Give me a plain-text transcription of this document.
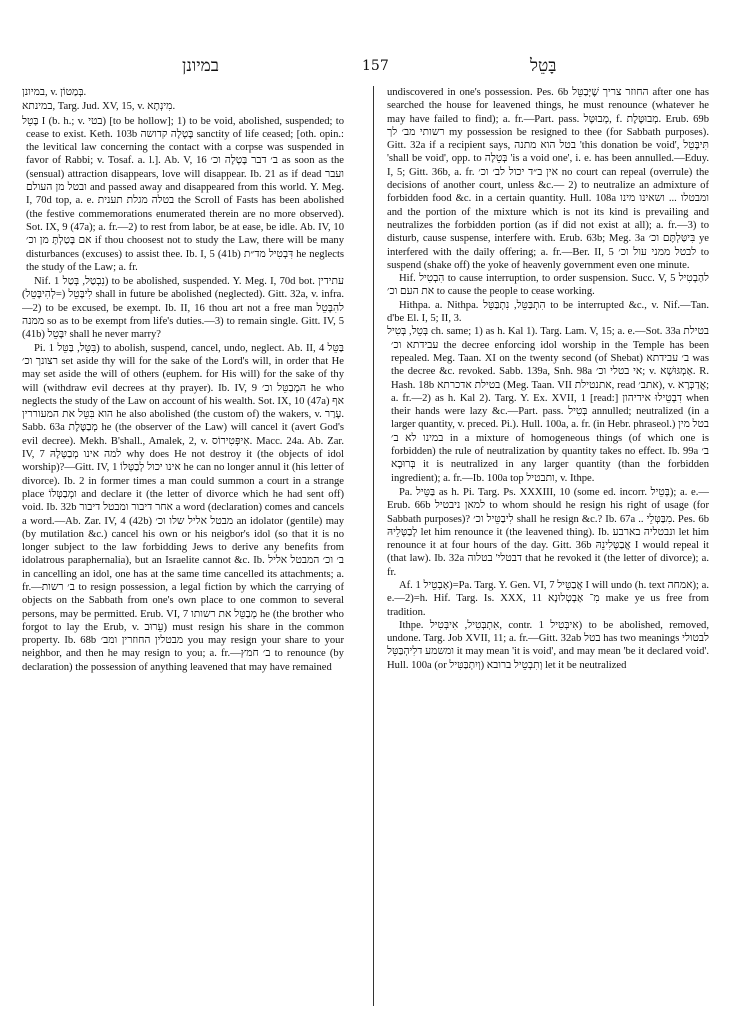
במיונן	157	בָּטֵל

במיונן, v. בְּמַטוֹן.

במינתא, Targ. Jud. XV, 15, v. מִינְתָא.

בָּטֵל I (b. h.; v. בטי) [to be hollow]; 1) to be void, abolished, suspended; to cease to exist. Keth. 103b בָּטְלָה קדושה sanctity of life ceased; [oth. opin.: the levitical law concerning the contact with a corpse was suspended in favor of Rabbi; v. Tosaf. a. l.]. Ab. V, 16 ב׳ דבר בָּטְלָה וכ׳ as soon as the (sensual) attraction disappears, love will disappear. Ib. 21 as if dead ועבר ובטל מן העולם and passed away and disappeared from this world. Y. Meg. I, 70d top, a. e. בטלה מגלת תענית the Scroll of Fasts has been abolished (the festive commemorations enumerated therein are no more observed). Sot. IX, 9 (47a); a. fr.—2) to rest from labor, be at ease, be idle. Ab. IV, 10 אם בָּטַלְתָּ מן וכ׳ if thou choosest not to study the Law, there will be many disturbances (excuses) to assist thee. Ib. I, 5 (41b) דִּבְטִיל מד״ת he neglects the study of the Law; a. fr.

Nif. נִבְטַל, בְּטַל 1) to be abolished, suspended. Y. Meg. I, 70d bot. עתידין לִיבָּטֵל (=לְהִיבָּטֵל) shall in future be abolished (neglected). Gitt. 32a, v. infra.—2) to be excused, be exempt. Ib. II, 16 thou art not a free man להִבָּטֵל ממנה so as to be exempt from life's duties.—3) to remain single. Gitt. IV, 5 (41b) יִבָּטֵל shall he never marry?

Pi. בִּטֵּל, בַּטֵּל 1) to abolish, suspend, cancel, undo, neglect. Ab. II, 4 בַּטֵּל רצונך וכ׳ set aside thy will for the sake of the Lord's will, in order that He may set aside the will of others (euphem. for His will) for the sake of thy will (withdraw evil decrees at thy prayer). Ib. IV, 9 המְבַטֵּל וכ׳ he who neglects the study of the Law on account of his wealth. Sot. IX, 10 (47a) אף הוא בִּטֵּל את המעוררין he also abolished (the custom of) the wakers, v. עָרַר. Sabb. 63a מְבַטֶּלֶת he (the observer of the Law) will cancel it (avert God's evil decree). Mekh. B'shall., Amalek, 2, v. אִיפְּטִירוֹס. Macc. 24a. Ab. Zar. IV, 7 למה אינו מְבַטְּלָהּ why does He not destroy it (the objects of idol worship)?—Gitt. IV, 1 אינו יכול לְבַטְּלוֹ he can no longer annul it (his letter of divorce). Ib. 2 in former times a man could summon a court in a strange place ומְבַטְּלוֹ and declare it (the letter of divorce which he had sent off) void. Ib. 32b אחר דיבור ומבטל דיבור a word (declaration) comes and cancels a word.—Ab. Zar. IV, 4 (42b) מבטל אליל שלו וכ׳ an idolator (gentile) may (by mutilation &c.) cancel his own or his neigbor's idol (so that it is no longer subject to the law forbidding Jews to derive any benefits from idolatrous paraphernalia), but an Israelite cannot &c. Ib. ב׳ וכ׳ המבטל אליל in cancelling an idol, one has at the same time cancelled its attachments; a. fr.—ב׳ רשות to resign possession, a legal fiction by which the carrying of objects on the Sabbath from one's own place to one common to several persons, may be permitted. Erub. VI, 7 מְבַטֵּל את רשותו he (the brother who forgot to lay the Erub, v. עֵרוּב) must resign his share in the common property. Ib. 68b מבטלין החוזרין ומב׳ you may resign your share to your neighbor, and then he may resign to you; a. fr.—ב׳ חמץ to renounce (by declaration) the possession of anything leavened that may have remained

undiscovered in one's possession. Pes. 6b החוזר צריך שֶׁיְּבַטֵּל after one has searched the house for leavened things, he must renounce (whatever he may have failed to find); a. fr.—Part. pass. מְבוּטָּל, f. מְבוּטֶּלֶת. Erub. 69b רשותי מב׳ לך my possession be resigned to thee (for Sabbath purposes). Gitt. 32a if a recipient says, בטל הוא מתנה 'this donation be void', תִּיבָּטֵל 'shall be void', opp. to בְּטֵלָה 'is a void one', i. e. has been annulled.—Eduy. I, 5; Gitt. 36b, a. fr. אין ב״ד יכול לב׳ וכ׳ no court can repeal (overrule) the decisions of another court, unless &c.— 2) to neutralize an admixture of forbidden food &c. in a certain quantity. Hull. 108a ומבטלו ... ושאינו מינו and the portion of the mixture which is not its kind is prevailing and neutralizes the forbidden portion (as if did not exist at all); a. fr.—3) to disturb, cause suspense, interfere with. Erub. 63b; Meg. 3a בִּיטַּלְתֶּם וכ׳ ye interfered with the daily offering; a. fr.—Ber. II, 5 לבטל ממני עול וכ׳ to suspend (shake off) the yoke of heavenly government even one minute.

Hif. הִבְטִיל to cause interruption, to order suspension. Succ. V, 5 להַבְטִיל את העם וכ׳ to cause the people to cease working.

Hithpa. a. Nithpa. הִתְבַּטֵּל, נִתְבַּטֵּל to be interrupted &c., v. Nif.—Tan. d'be El. I, 5; II, 3.

בְּטֵל, בְּטִיל ch. same; 1) as h. Kal 1). Targ. Lam. V, 15; a. e.—Sot. 33a בטילת עבידתא וכ׳ the decree enforcing idol worship in the Temple has been repealed. Meg. Taan. XI on the twenty second (of Shebat) ב׳ עבידתא was the decree &c. revoked. Sabb. 139a, Snh. 98a אי בטלי וכ׳; v. אַמְגּוּשָׁא. R. Hash. 18b בטילת אדכרתא (Meg. Taan. VII אתנטילת, read אתב׳), v. אֲדַכְּרָא; a. fr.—2) as h. Kal 2). Targ. Y. Ex. XVII, 1 [read:] דִבְטֵילוּ אידיהון when their hands were lazy &c.—Part. pass. בְּטִיל annulled; neutralized (in a larger quantity, v. preced. Pi.). Hull. 100a, a. fr. (in Hebr. phraseol.) בטל מין במינו לא ב׳ in a mixture of homogeneous things (of which one is forbidden) the rule of neutralization by quantity takes no effect. Ib. 99a ב׳ בְּרוּבָא it is neutralized in any larger quantity (than the forbidden ingredient); a. fr.—Ib. 100a top ותבטיל, v. Ithpe.

Pa. בַּטֵּיל as h. Pi. Targ. Ps. XXXIII, 10 (some ed. incorr. בְּטֵיל); a. e.—Erub. 66b למאן ניבטיל to whom should he resign his right of usage (for Sabbath purposes)? לִיבַטֵּיל וכ׳ shall he resign &c.? Ib. 67a .. מִבַּטְּלֵי. Pes. 6b לְבַטְּלֵיהּ let him renounce it (the leavened thing). Ib. ונבטליה בארבע let him renounce it at four hours of the day. Gitt. 36b אֲבַטְּלִינֵהּ I would repeal it (that law). Ib. 32a דבטלי' בטלוה that he revoked it (the letter of divorce); a. fr.

Af. אַבְטֵיל 1)=Pa. Targ. Y. Gen. VI, 7 אֲבַטֵּיל I will undo (h. text אמחה); a. e.—2)=h. Hif. Targ. Is. XXX, 11 מִ־ אַבְטְלוּנָא make ye us free from tradition.

Ithpe. אִתְבְּטִיל, אִיבְּטִיל, contr. אִיבְּטִיל 1) to be abolished, removed, undone. Targ. Job XVII, 11; a. fr.—Gitt. 32ab בטל has two meanings לבטולי ומשמע דלִיהְבַּטֵּל it may mean 'it is void', and may mean 'be it declared void'. Hull. 100a (or וְיִתְבַּטִּיל) וְתִבְטֵיל ברובא let it be neutralized
